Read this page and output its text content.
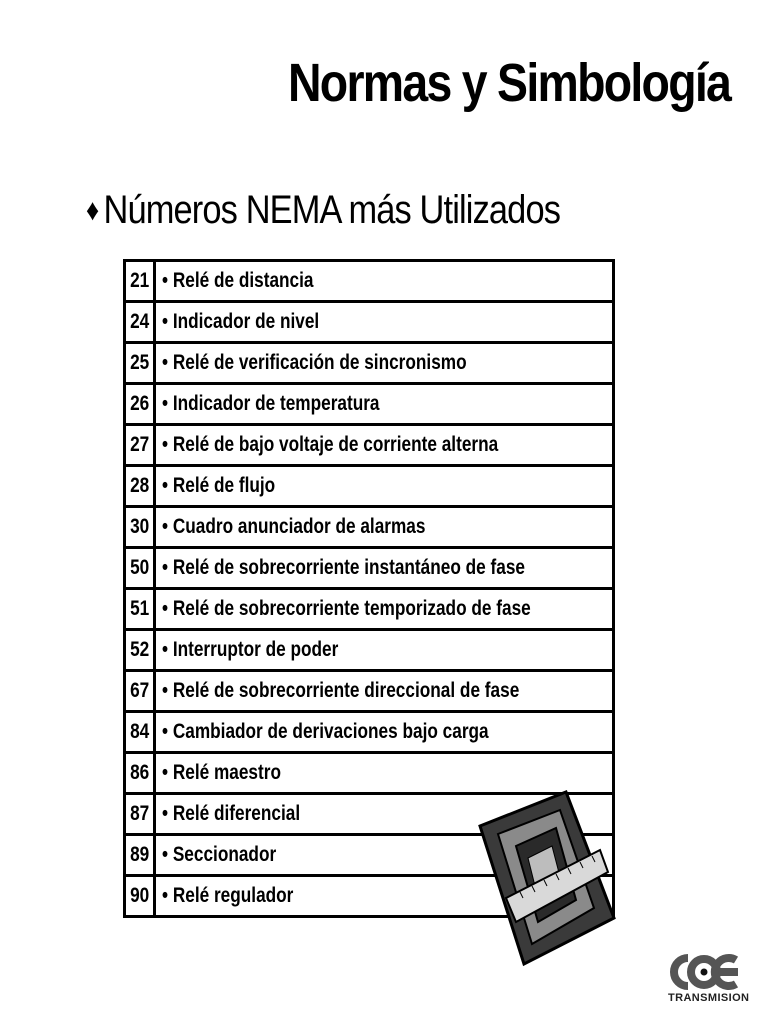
Normas y Simbología
♦ Números NEMA más Utilizados
21	• Relé de distancia
24	• Indicador de nivel
25	• Relé de verificación de sincronismo
26	• Indicador de temperatura
27	• Relé de bajo voltaje de corriente alterna
28	• Relé de flujo
30	• Cuadro anunciador de alarmas
50	• Relé de sobrecorriente instantáneo de fase
51	• Relé de sobrecorriente temporizado de fase
52	• Interruptor de poder
67	• Relé de sobrecorriente direccional de fase
84	• Cambiador de derivaciones bajo carga
86	• Relé maestro
87	• Relé diferencial
89	• Seccionador
90	• Relé regulador
TRANSMISION
